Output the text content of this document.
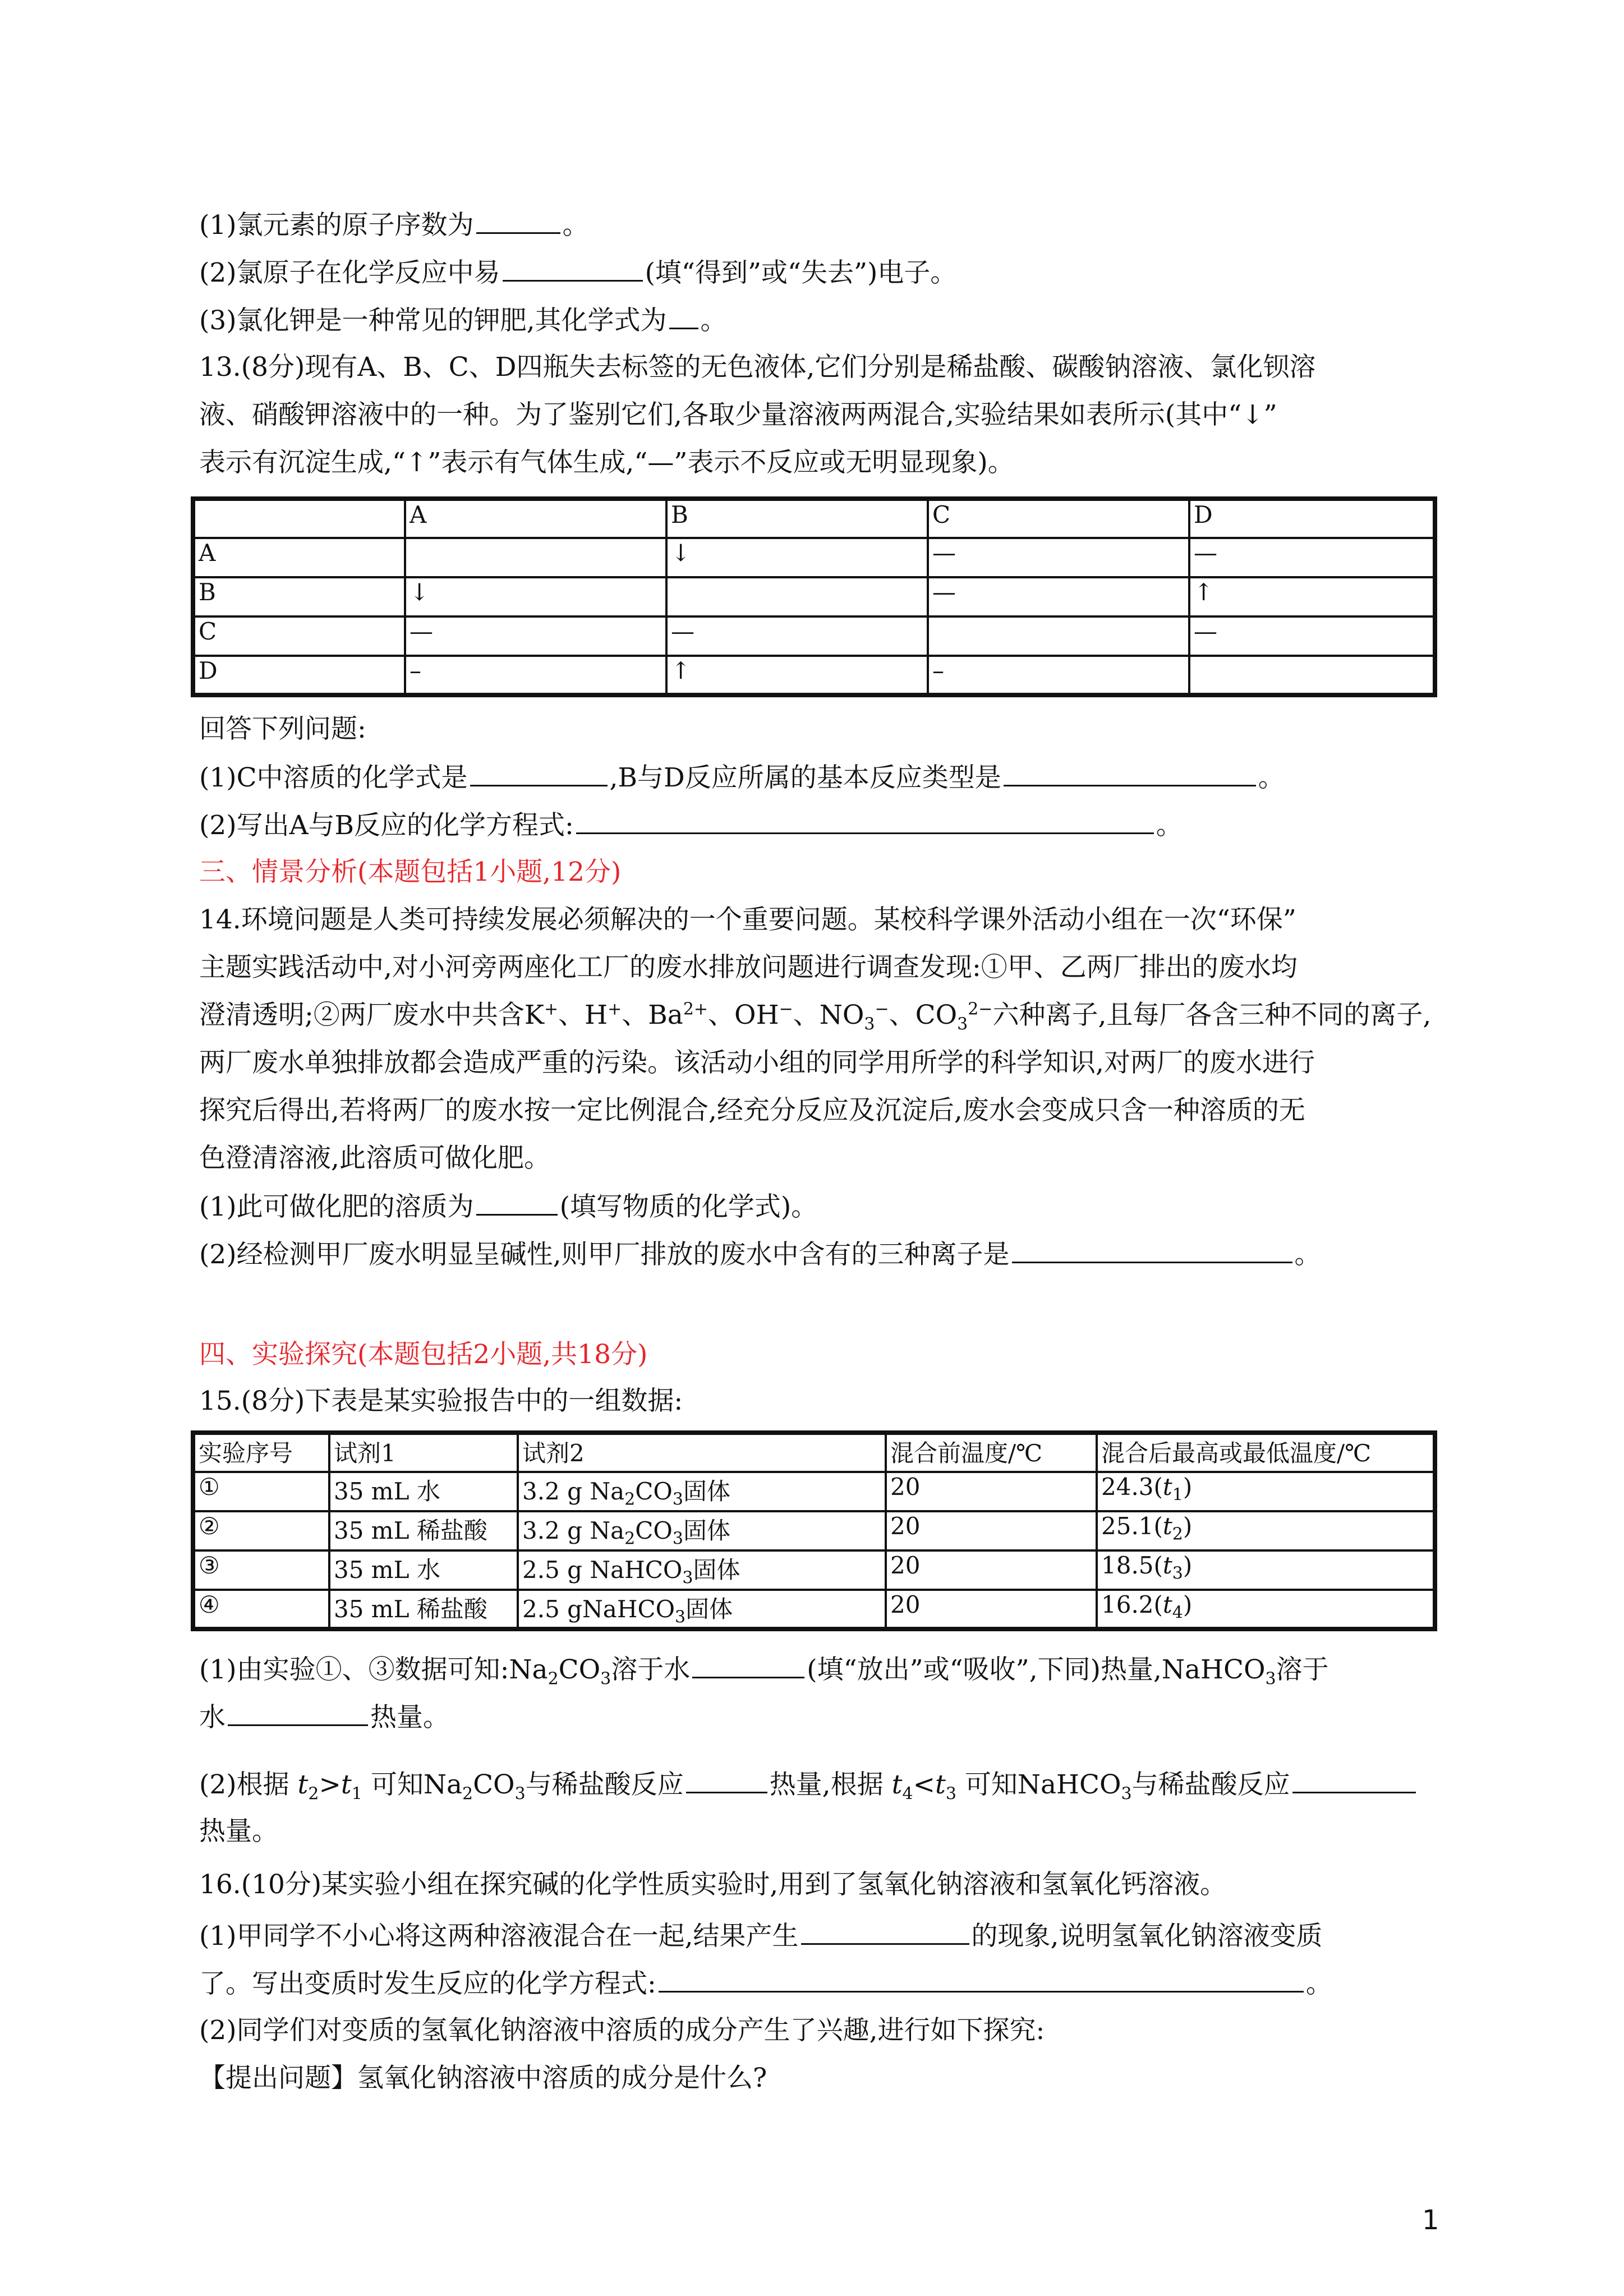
(1)氯元素的原子序数为	。
(2)氯原子在化学反应中易	(填“得到”或“失去”)电子。
(3)氯化钾是一种常见的钾肥,其化学式为 。
13.(8分)现有A、B、C、D四瓶失去标签的无色液体,它们分别是稀盐酸、碳酸钠溶液、氯化钡溶
液、硝酸钾溶液中的一种。为了鉴别它们,各取少量溶液两两混合,实验结果如表所示(其中“↓”
表示有沉淀生成,“↑”表示有气体生成,“—”表示不反应或无明显现象)。
	A	B	C	D
A		↓	—	—
B	↓		—	↑
C	—	—		—
D	–	↑	–	
回答下列问题:
(1)C中溶质的化学式是	,B与D反应所属的基本反应类型是	。
(2)写出A与B反应的化学方程式:	。
三、情景分析(本题包括1小题,12分)
14.环境问题是人类可持续发展必须解决的一个重要问题。某校科学课外活动小组在一次“环保”
主题实践活动中,对小河旁两座化工厂的废水排放问题进行调查发现:①甲、乙两厂排出的废水均
澄清透明;②两厂废水中共含K+、H+、$Ba^{2+}$、OH−、$NO_3^-$、$CO_3^{2-}$六种离子,且每厂各含三种不同的离子,
两厂废水单独排放都会造成严重的污染。该活动小组的同学用所学的科学知识,对两厂的废水进行
探究后得出,若将两厂的废水按一定比例混合,经充分反应及沉淀后,废水会变成只含一种溶质的无
色澄清溶液,此溶质可做化肥。
(1)此可做化肥的溶质为	(填写物质的化学式)。
(2)经检测甲厂废水明显呈碱性,则甲厂排放的废水中含有的三种离子是	。
四、实验探究(本题包括2小题,共18分)
15.(8分)下表是某实验报告中的一组数据:
实验序号	试剂1	试剂2	混合前温度/℃	混合后最高或最低温度/℃
①	35 mL 水	3.2 g $Na_2CO_3$固体	20	$24.3(t_1)$
②	35 mL 稀盐酸	3.2 g $Na_2CO_3$固体	20	$25.1(t_2)$
③	35 mL 水	2.5 g NaHCO$_3$固体	20	$18.5(t_3)$
④	35 mL 稀盐酸	2.5 gNaHCO$_3$固体	20	$16.2(t_4)$
(1)由实验①、③数据可知$:Na_2CO_3$溶于水	(填“放出”或“吸收”,下同)热量,NaHCO$_3$溶于
水	热量。
(2)根据 $t_2>t_1$ 可知$Na_2CO_3$与稀盐酸反应	热量,根据 $t_4<t_3$ 可知NaHCO$_3$与稀盐酸反应
热量。
16.(10分)某实验小组在探究碱的化学性质实验时,用到了氢氧化钠溶液和氢氧化钙溶液。
(1)甲同学不小心将这两种溶液混合在一起,结果产生	的现象,说明氢氧化钠溶液变质
了。写出变质时发生反应的化学方程式:	。
(2)同学们对变质的氢氧化钠溶液中溶质的成分产生了兴趣,进行如下探究:
【提出问题】氢氧化钠溶液中溶质的成分是什么?
1
